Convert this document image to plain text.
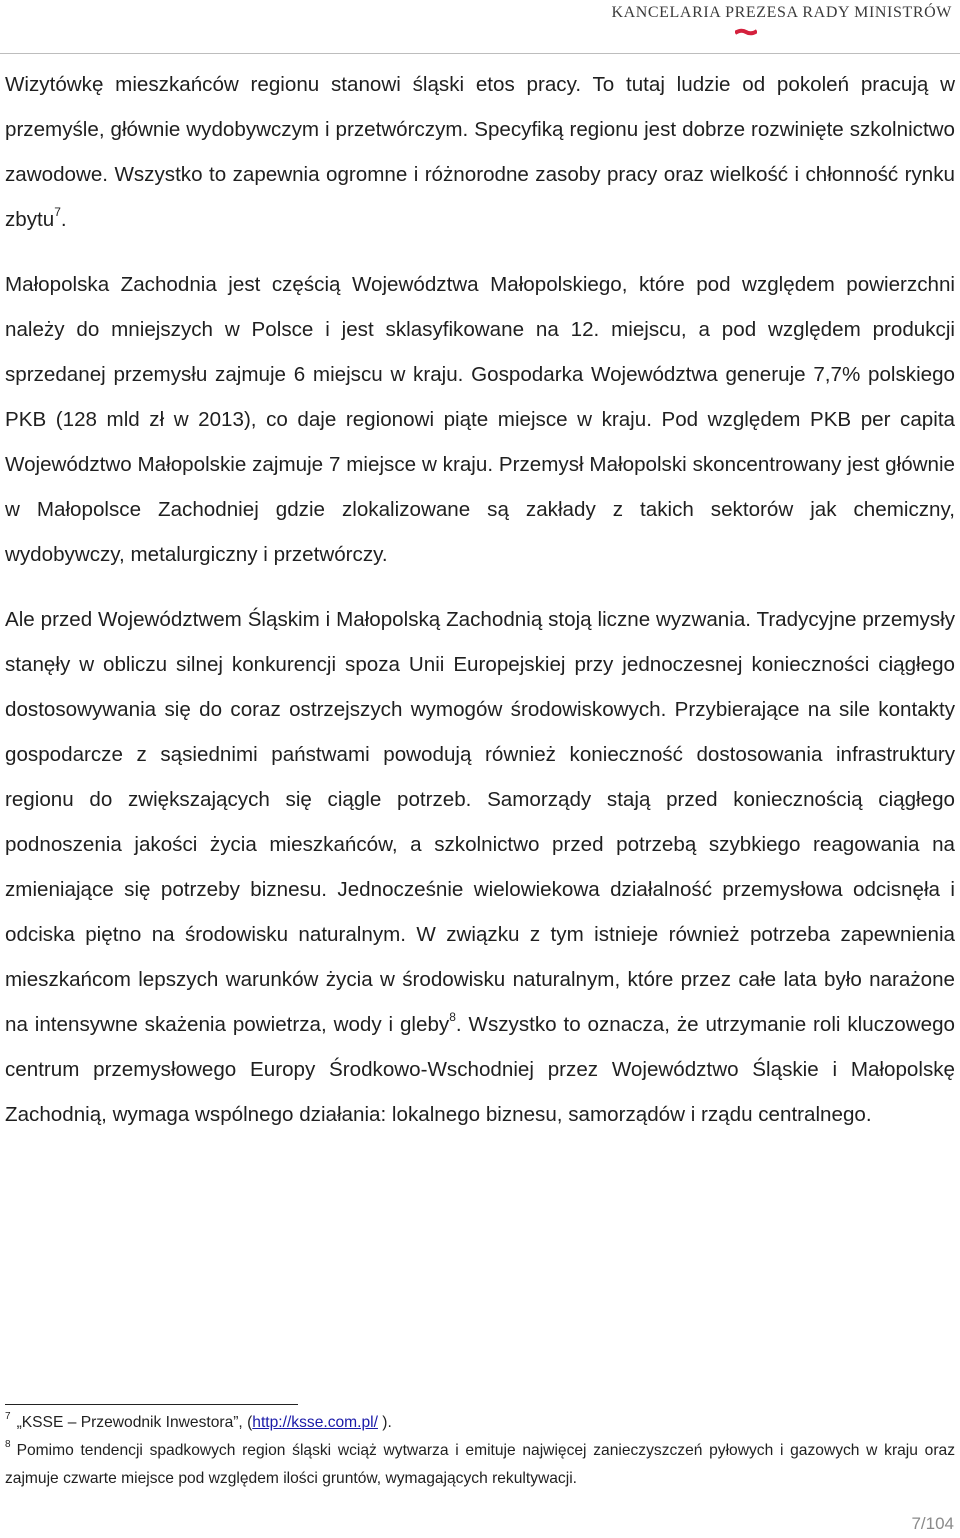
KANCELARIA PREZESA RADY MINISTRÓW

Wizytówkę mieszkańców regionu stanowi śląski etos pracy. To tutaj ludzie od pokoleń pracują w przemyśle, głównie wydobywczym i przetwórczym. Specyfiką regionu jest dobrze rozwinięte szkolnictwo zawodowe. Wszystko to zapewnia ogromne i różnorodne zasoby pracy oraz wielkość i chłonność rynku zbytu$^7$.

Małopolska Zachodnia jest częścią Województwa Małopolskiego, które pod względem powierzchni należy do mniejszych w Polsce i jest sklasyfikowane na 12. miejscu, a pod względem produkcji sprzedanej przemysłu zajmuje 6 miejscu w kraju. Gospodarka Województwa generuje 7,7% polskiego PKB (128 mld zł w 2013), co daje regionowi piąte miejsce w kraju. Pod względem PKB per capita Województwo Małopolskie zajmuje 7 miejsce w kraju. Przemysł Małopolski skoncentrowany jest głównie w Małopolsce Zachodniej gdzie zlokalizowane są zakłady z takich sektorów jak chemiczny, wydobywczy, metalurgiczny i przetwórczy.

Ale przed Województwem Śląskim i Małopolską Zachodnią stoją liczne wyzwania. Tradycyjne przemysły stanęły w obliczu silnej konkurencji spoza Unii Europejskiej przy jednoczesnej konieczności ciągłego dostosowywania się do coraz ostrzejszych wymogów środowiskowych. Przybierające na sile kontakty gospodarcze z sąsiednimi państwami powodują również konieczność dostosowania infrastruktury regionu do zwiększających się ciągle potrzeb. Samorządy stają przed koniecznością ciągłego podnoszenia jakości życia mieszkańców, a szkolnictwo przed potrzebą szybkiego reagowania na zmieniające się potrzeby biznesu. Jednocześnie wielowiekowa działalność przemysłowa odcisnęła i odciska piętno na środowisku naturalnym. W związku z tym istnieje również potrzeba zapewnienia mieszkańcom lepszych warunków życia w środowisku naturalnym, które przez całe lata było narażone na intensywne skażenia powietrza, wody i gleby$^8$. Wszystko to oznacza, że utrzymanie roli kluczowego centrum przemysłowego Europy Środkowo-Wschodniej przez Województwo Śląskie i Małopolskę Zachodnią, wymaga wspólnego działania: lokalnego biznesu, samorządów i rządu centralnego.

$^7$ „KSSE – Przewodnik Inwestora”, (http://ksse.com.pl/ ).

$^8$ Pomimo tendencji spadkowych region śląski wciąż wytwarza i emituje najwięcej zanieczyszczeń pyłowych i gazowych w kraju oraz zajmuje czwarte miejsce pod względem ilości gruntów, wymagających rekultywacji.

7/104
